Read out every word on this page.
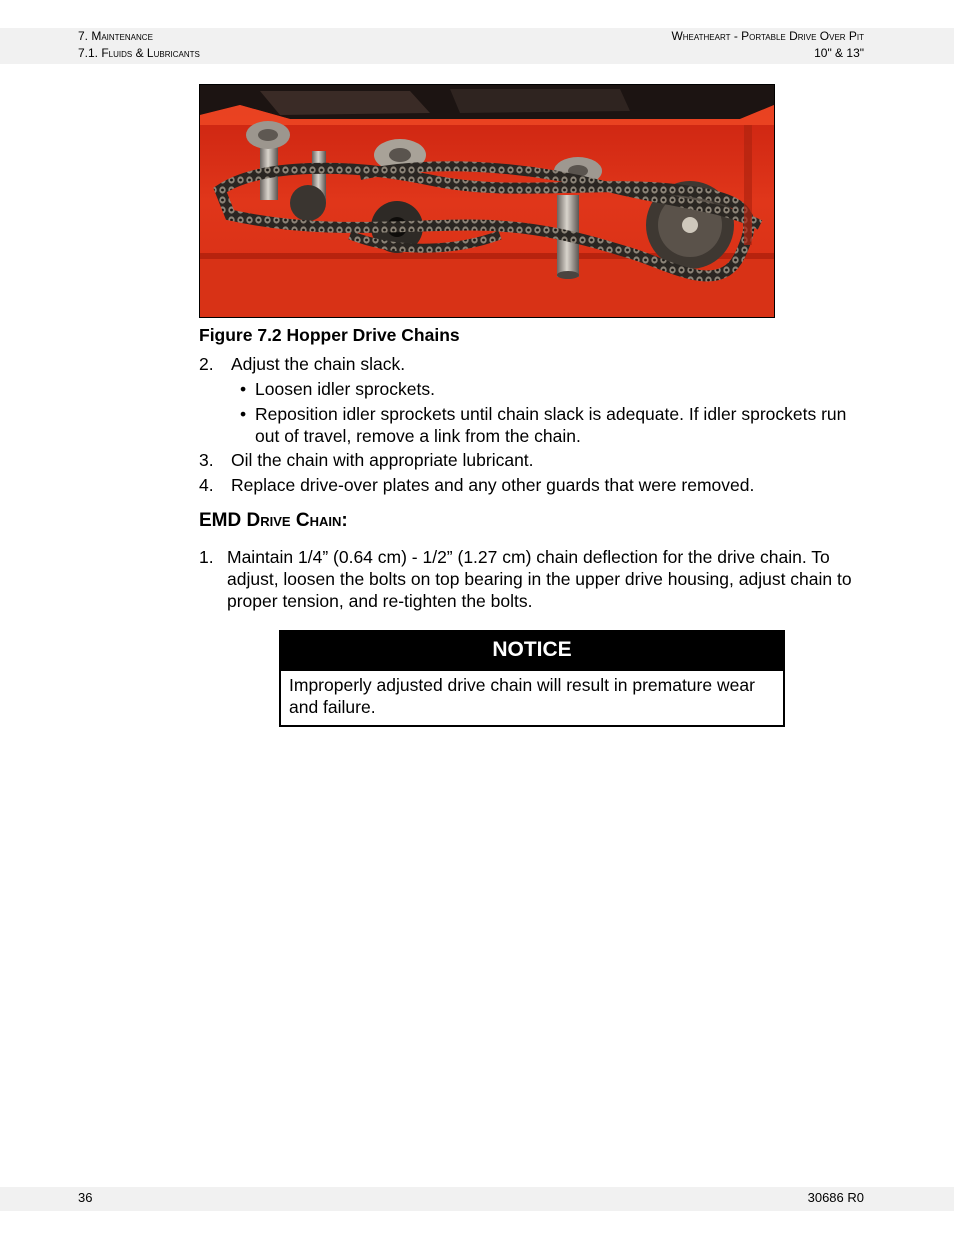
7. Maintenance
7.1. Fluids & Lubricants
Wheatheart - Portable Drive Over Pit
10" & 13"
Figure 7.2 Hopper Drive Chains
2. Adjust the chain slack.
• Loosen idler sprockets.
• Reposition idler sprockets until chain slack is adequate. If idler sprockets run out of travel, remove a link from the chain.
3. Oil the chain with appropriate lubricant.
4. Replace drive-over plates and any other guards that were removed.
EMD Drive Chain:
1. Maintain 1/4” (0.64 cm) - 1/2” (1.27 cm) chain deflection for the drive chain. To adjust, loosen the bolts on top bearing in the upper drive housing, adjust chain to proper tension, and re-tighten the bolts.
NOTICE
Improperly adjusted drive chain will result in premature wear and failure.
36	30686 R0
